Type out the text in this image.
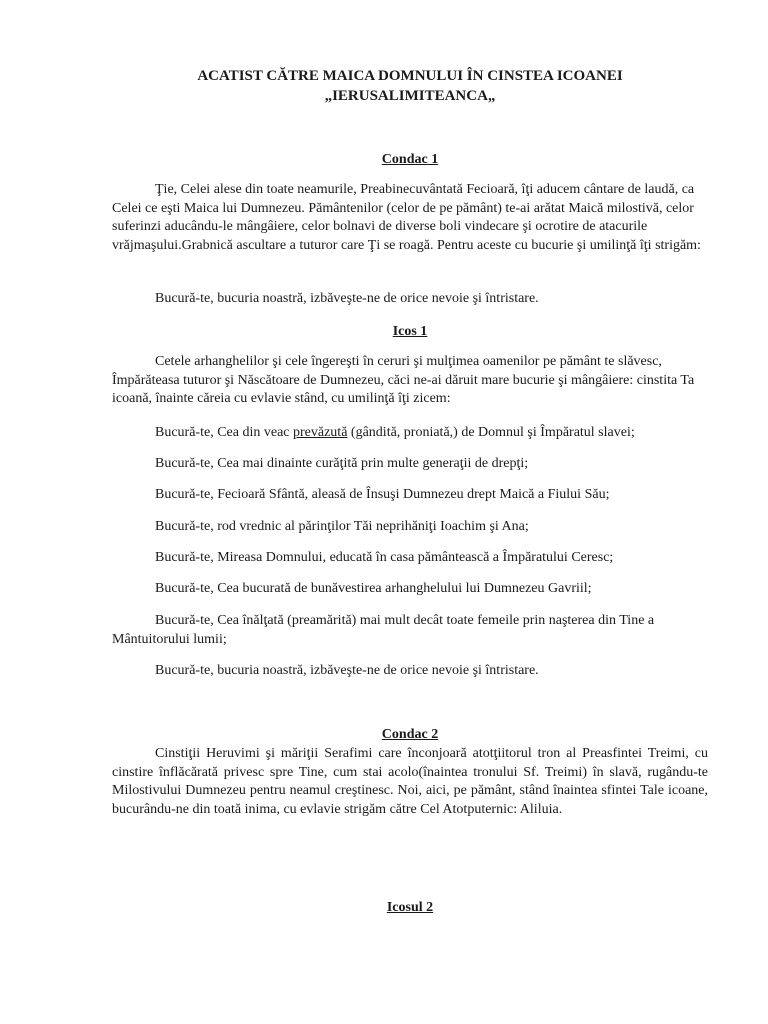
ACATIST CĂTRE MAICA DOMNULUI ÎN CINSTEA ICOANEI
„IERUSALIMITEANCA„
Condac 1

Ţie, Celei alese din toate neamurile, Preabinecuvântată Fecioară, îţi aducem cântare de laudă, ca Celei ce eşti Maica lui Dumnezeu. Pământenilor (celor de pe pământ) te-ai arătat Maică milostivă, celor suferinzi aducându-le mângâiere, celor bolnavi de diverse boli vindecare şi ocrotire de atacurile vrăjmaşului.Grabnică ascultare a tuturor care Ţi se roagă. Pentru aceste cu bucurie şi umilinţă îţi strigăm:

Bucură-te, bucuria noastră, izbăveşte-ne de orice nevoie şi întristare.

Icos 1

Cetele arhanghelilor şi cele îngereşti în ceruri şi mulţimea oamenilor pe pământ te slăvesc, Împărăteasa tuturor şi Născătoare de Dumnezeu, căci ne-ai dăruit mare bucurie şi mângâiere: cinstita Ta icoană, înainte căreia cu evlavie stând, cu umilinţă îţi zicem:

Bucură-te, Cea din veac prevăzută (gândită, proniată,) de Domnul şi Împăratul slavei;

Bucură-te, Cea mai dinainte curăţită prin multe generaţii de drepţi;

Bucură-te, Fecioară Sfântă, aleasă de Însuşi Dumnezeu drept Maică a Fiului Său;

Bucură-te, rod vrednic al părinţilor Tăi neprihăniţi Ioachim şi Ana;

Bucură-te, Mireasa Domnului, educată în casa pământească a Împăratului Ceresc;

Bucură-te, Cea bucurată de bunăvestirea arhanghelului lui Dumnezeu Gavriil;

Bucură-te, Cea înălţată (preamărită) mai mult decât toate femeile prin naşterea din Tine a Mântuitorului lumii;

Bucură-te, bucuria noastră, izbăveşte-ne de orice nevoie şi întristare.

Condac 2

Cinstiţii Heruvimi şi măriţii Serafimi care înconjoară atotţiitorul tron al Preasfintei Treimi, cu cinstire înflăcărată privesc spre Tine, cum stai acolo(înaintea tronului Sf. Treimi) în slavă, rugându-te Milostivului Dumnezeu pentru neamul creştinesc. Noi, aici, pe pământ, stând înaintea sfintei Tale icoane, bucurându-ne din toată inima, cu evlavie strigăm către Cel Atotputernic: Aliluia.

Icosul 2
